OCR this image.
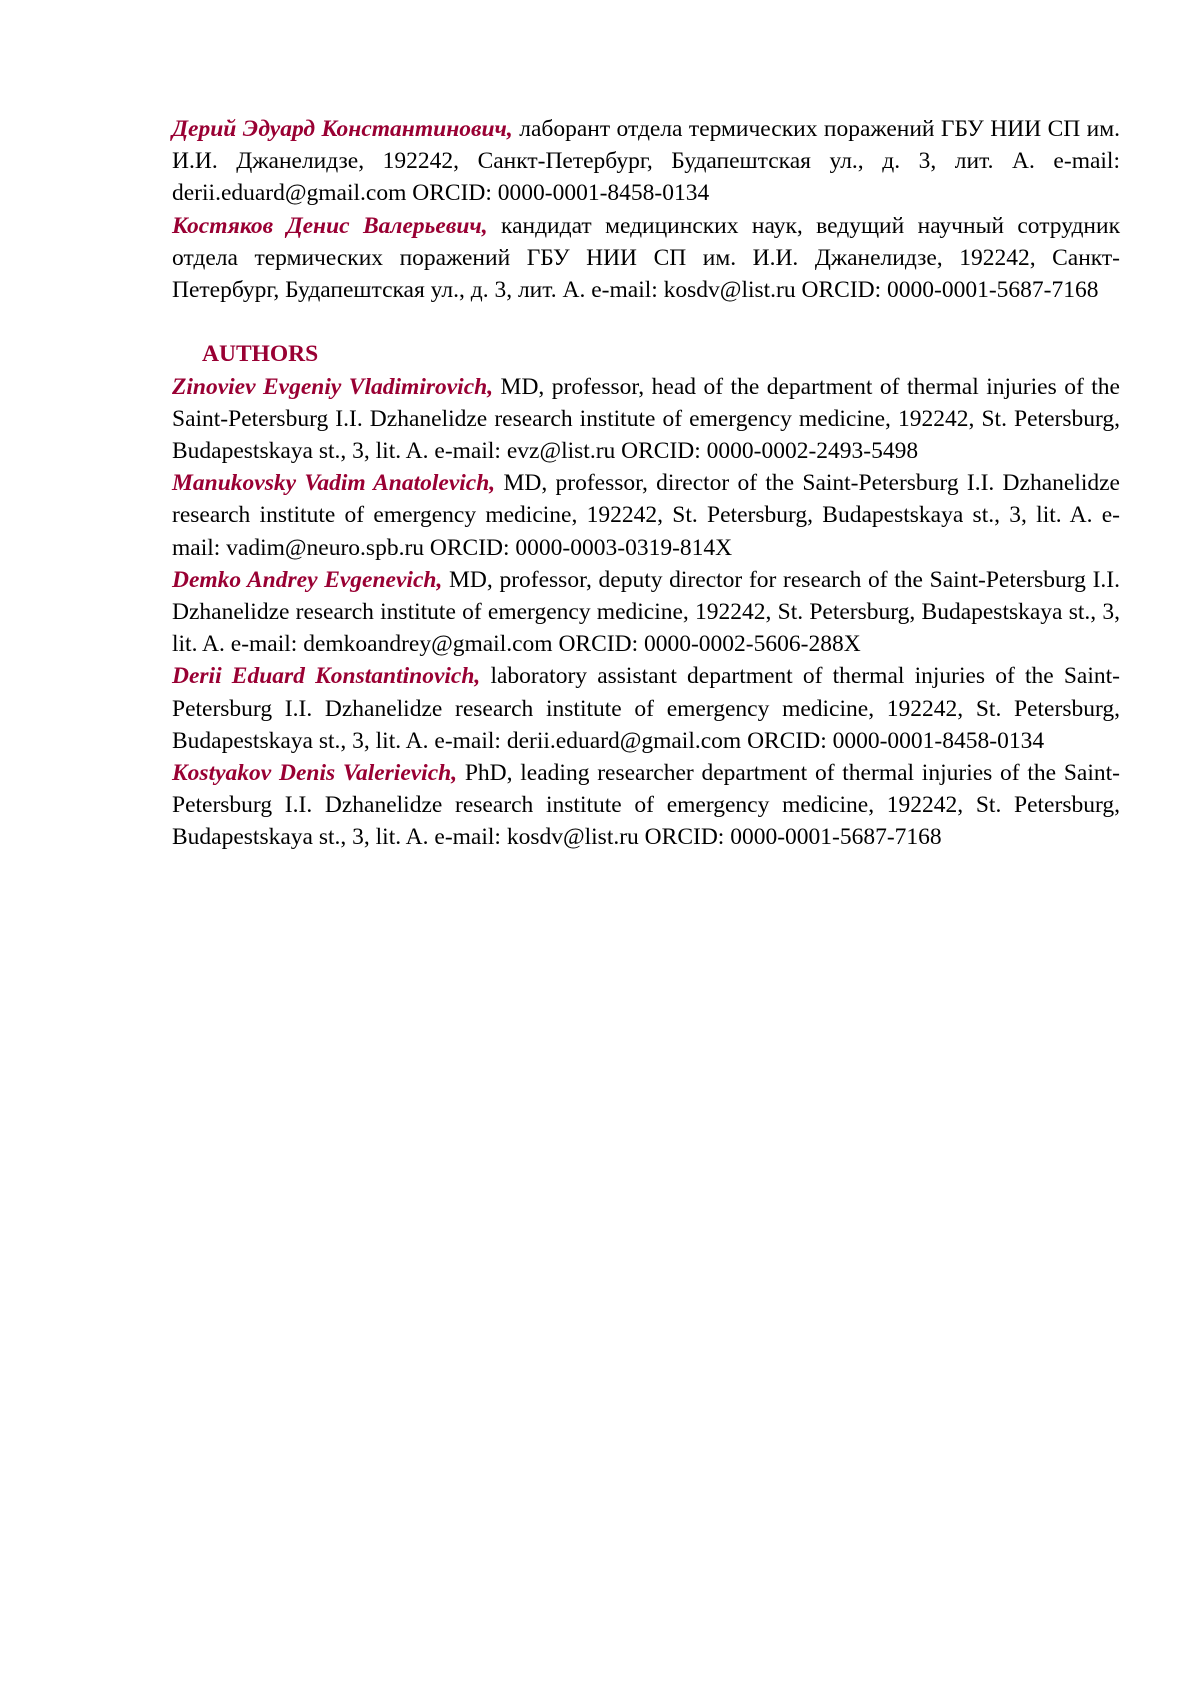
Дерий Эдуард Константинович, лаборант отдела термических поражений ГБУ НИИ СП им. И.И. Джанелидзе, 192242, Санкт-Петербург, Будапештская ул., д. 3, лит. А. e-mail: derii.eduard@gmail.com ORCID: 0000-0001-8458-0134

Костяков Денис Валерьевич, кандидат медицинских наук, ведущий научный сотрудник отдела термических поражений ГБУ НИИ СП им. И.И. Джанелидзе, 192242, Санкт-Петербург, Будапештская ул., д. 3, лит. А. e-mail: kosdv@list.ru ORCID: 0000-0001-5687-7168

AUTHORS

Zinoviev Evgeniy Vladimirovich, MD, professor, head of the department of thermal injuries of the Saint-Petersburg I.I. Dzhanelidze research institute of emergency medicine, 192242, St. Petersburg, Budapestskaya st., 3, lit. A. e-mail: evz@list.ru ORCID: 0000-0002-2493-5498

Manukovsky Vadim Anatolevich, MD, professor, director of the Saint-Petersburg I.I. Dzhanelidze research institute of emergency medicine, 192242, St. Petersburg, Budapestskaya st., 3, lit. A. e-mail: vadim@neuro.spb.ru ORCID: 0000-0003-0319-814X

Demko Andrey Evgenevich, MD, professor, deputy director for research of the Saint-Petersburg I.I. Dzhanelidze research institute of emergency medicine, 192242, St. Petersburg, Budapestskaya st., 3, lit. A. e-mail: demkoandrey@gmail.com ORCID: 0000-0002-5606-288X

Derii Eduard Konstantinovich, laboratory assistant department of thermal injuries of the Saint-Petersburg I.I. Dzhanelidze research institute of emergency medicine, 192242, St. Petersburg, Budapestskaya st., 3, lit. A. e-mail: derii.eduard@gmail.com ORCID: 0000-0001-8458-0134

Kostyakov Denis Valerievich, PhD, leading researcher department of thermal injuries of the Saint-Petersburg I.I. Dzhanelidze research institute of emergency medicine, 192242, St. Petersburg, Budapestskaya st., 3, lit. A. e-mail: kosdv@list.ru ORCID: 0000-0001-5687-7168
